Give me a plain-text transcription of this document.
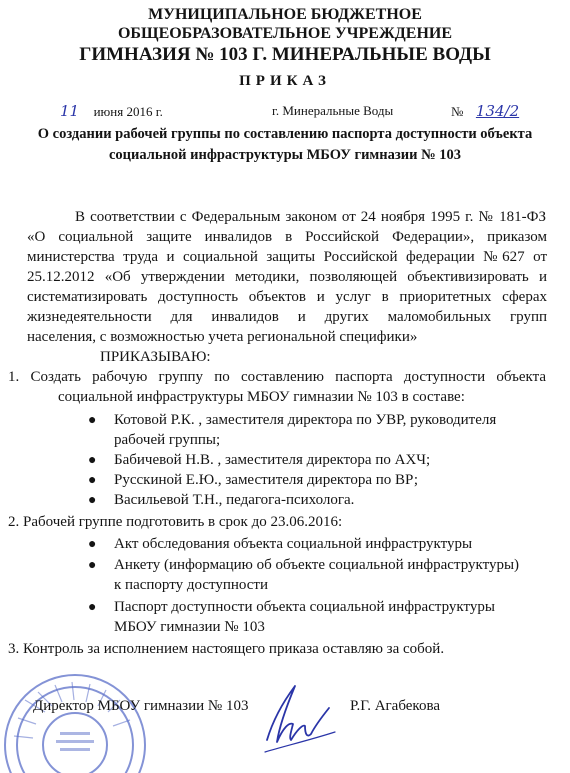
МУНИЦИПАЛЬНОЕ БЮДЖЕТНОЕ
ОБЩЕОБРАЗОВАТЕЛЬНОЕ УЧРЕЖДЕНИЕ
ГИМНАЗИЯ № 103 Г. МИНЕРАЛЬНЫЕ ВОДЫ
ПРИКАЗ
11 июня 2016 г.	г. Минеральные Воды	№ 134/2
О создании рабочей группы по составлению паспорта доступности объекта
социальной инфраструктуры МБОУ гимназии № 103
В соответствии с Федеральным законом от 24 ноября 1995 г. № 181-ФЗ
«О социальной защите инвалидов в Российской Федерации», приказом
министерства труда и социальной защиты Российской федерации №627 от
25.12.2012 «Об утверждении методики, позволяющей объективизировать и
систематизировать доступность объектов и услуг в приоритетных сферах
жизнедеятельности для инвалидов и других маломобильных групп
населения, с возможностью учета региональной специфики»
ПРИКАЗЫВАЮ:
1. Создать рабочую группу по составлению паспорта доступности объекта
социальной инфраструктуры МБОУ гимназии № 103 в составе:
● Котовой Р.К. , заместителя директора по УВР, руководителя
рабочей группы;
● Бабичевой Н.В. , заместителя директора по АХЧ;
● Русскиной Е.Ю., заместителя директора по ВР;
● Васильевой Т.Н., педагога-психолога.
2. Рабочей группе подготовить в срок до 23.06.2016:
● Акт обследования объекта социальной инфраструктуры
● Анкету (информацию об объекте социальной инфраструктуры)
к паспорту доступности
● Паспорт доступности объекта социальной инфраструктуры
МБОУ гимназии № 103
3. Контроль за исполнением настоящего приказа оставляю за собой.
Директор МБОУ гимназии № 103	Р.Г. Агабекова
